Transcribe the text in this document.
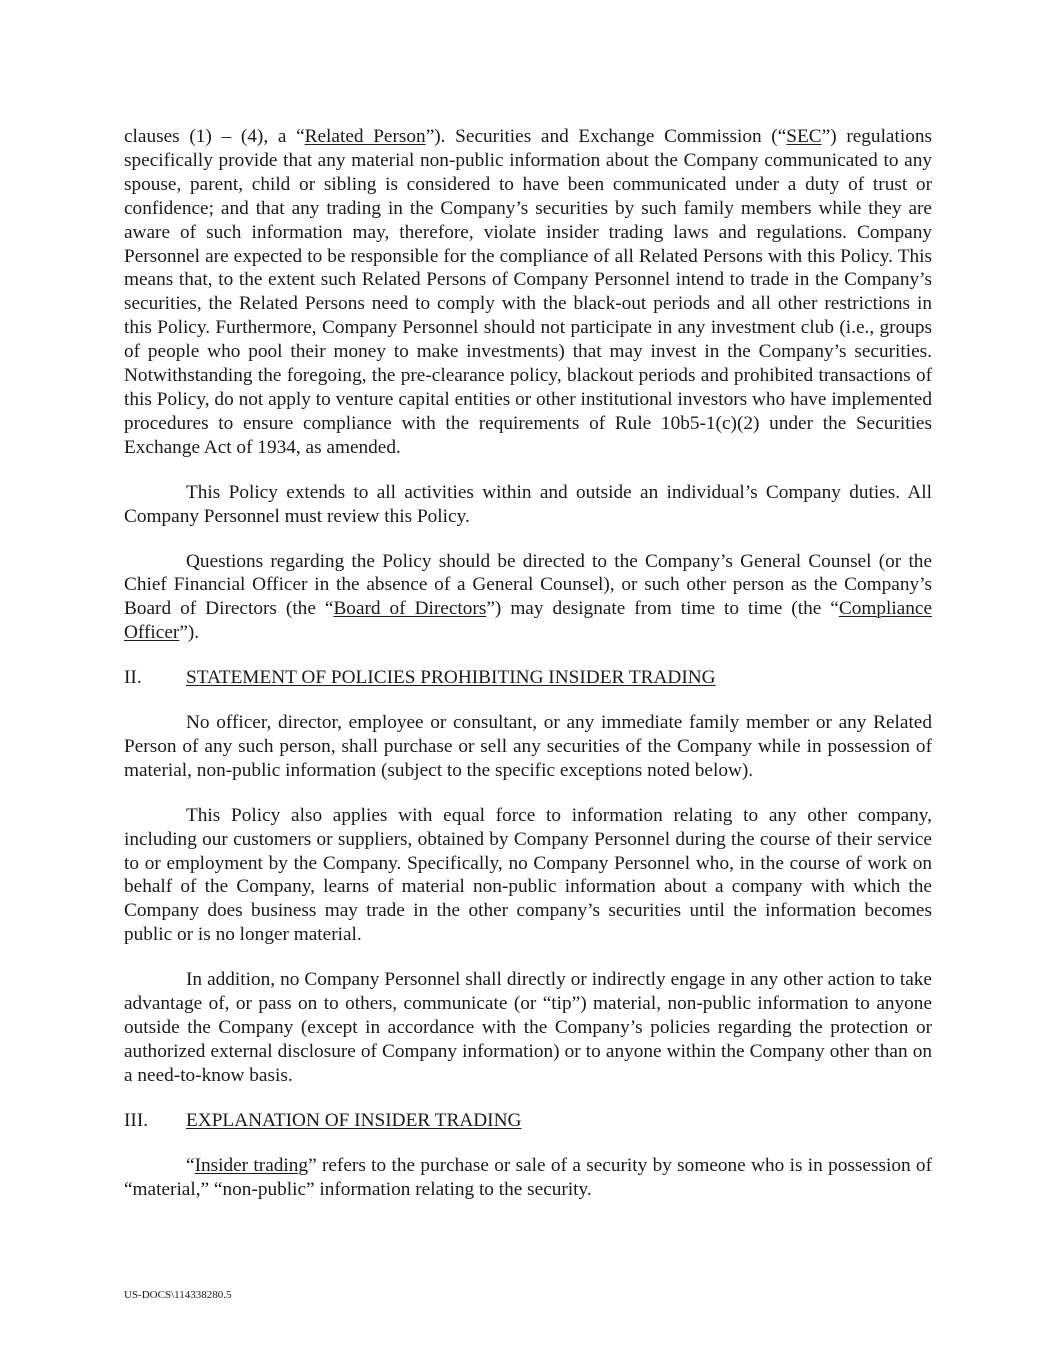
clauses (1) – (4), a “Related Person”). Securities and Exchange Commission (“SEC”) regulations specifically provide that any material non-public information about the Company communicated to any spouse, parent, child or sibling is considered to have been communicated under a duty of trust or confidence; and that any trading in the Company’s securities by such family members while they are aware of such information may, therefore, violate insider trading laws and regulations. Company Personnel are expected to be responsible for the compliance of all Related Persons with this Policy. This means that, to the extent such Related Persons of Company Personnel intend to trade in the Company’s securities, the Related Persons need to comply with the black-out periods and all other restrictions in this Policy. Furthermore, Company Personnel should not participate in any investment club (i.e., groups of people who pool their money to make investments) that may invest in the Company’s securities. Notwithstanding the foregoing, the pre-clearance policy, blackout periods and prohibited transactions of this Policy, do not apply to venture capital entities or other institutional investors who have implemented procedures to ensure compliance with the requirements of Rule 10b5-1(c)(2) under the Securities Exchange Act of 1934, as amended.

This Policy extends to all activities within and outside an individual’s Company duties. All Company Personnel must review this Policy.

Questions regarding the Policy should be directed to the Company’s General Counsel (or the Chief Financial Officer in the absence of a General Counsel), or such other person as the Company’s Board of Directors (the “Board of Directors”) may designate from time to time (the “Compliance Officer”).

II.	STATEMENT OF POLICIES PROHIBITING INSIDER TRADING

No officer, director, employee or consultant, or any immediate family member or any Related Person of any such person, shall purchase or sell any securities of the Company while in possession of material, non-public information (subject to the specific exceptions noted below).

This Policy also applies with equal force to information relating to any other company, including our customers or suppliers, obtained by Company Personnel during the course of their service to or employment by the Company. Specifically, no Company Personnel who, in the course of work on behalf of the Company, learns of material non-public information about a company with which the Company does business may trade in the other company’s securities until the information becomes public or is no longer material.

In addition, no Company Personnel shall directly or indirectly engage in any other action to take advantage of, or pass on to others, communicate (or “tip”) material, non-public information to anyone outside the Company (except in accordance with the Company’s policies regarding the protection or authorized external disclosure of Company information) or to anyone within the Company other than on a need-to-know basis.

III.	EXPLANATION OF INSIDER TRADING

“Insider trading” refers to the purchase or sale of a security by someone who is in possession of “material,” “non-public” information relating to the security.

US-DOCS\114338280.5
